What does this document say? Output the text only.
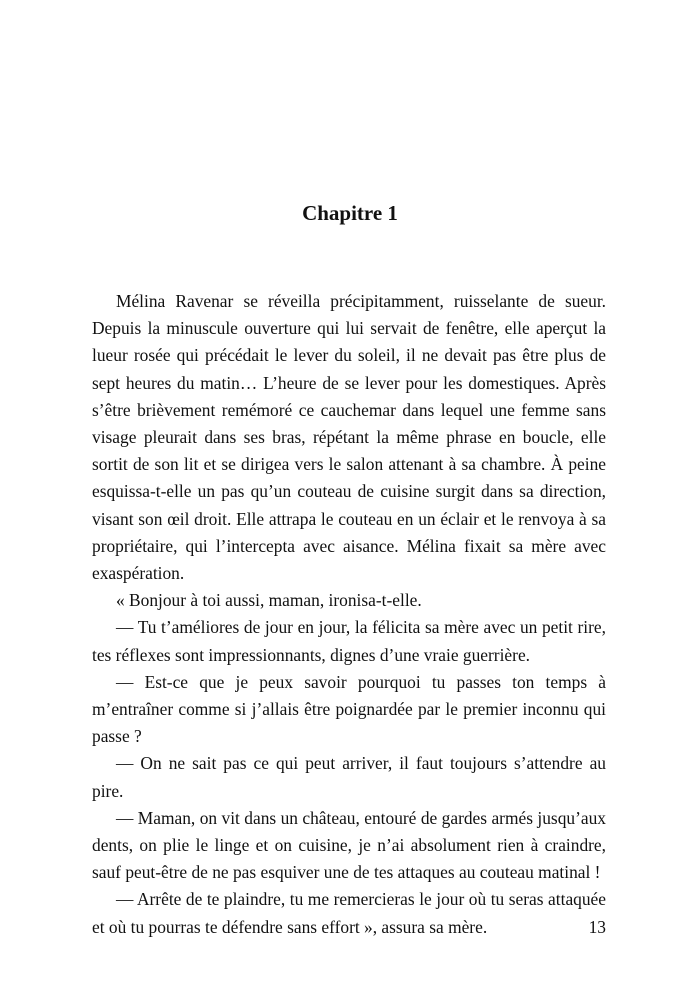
Chapitre 1

Mélina Ravenar se réveilla précipitamment, ruisselante de sueur. Depuis la minuscule ouverture qui lui servait de fenêtre, elle aperçut la lueur rosée qui précédait le lever du soleil, il ne devait pas être plus de sept heures du matin… L’heure de se lever pour les domestiques. Après s’être brièvement remémoré ce cauchemar dans lequel une femme sans visage pleurait dans ses bras, répétant la même phrase en boucle, elle sortit de son lit et se dirigea vers le salon attenant à sa chambre. À peine esquissa-t-elle un pas qu’un couteau de cuisine surgit dans sa direction, visant son œil droit. Elle attrapa le couteau en un éclair et le renvoya à sa propriétaire, qui l’intercepta avec aisance. Mélina fixait sa mère avec exaspération.

« Bonjour à toi aussi, maman, ironisa-t-elle.

— Tu t’améliores de jour en jour, la félicita sa mère avec un petit rire, tes réflexes sont impressionnants, dignes d’une vraie guerrière.

— Est-ce que je peux savoir pourquoi tu passes ton temps à m’entraîner comme si j’allais être poignardée par le premier inconnu qui passe ?

— On ne sait pas ce qui peut arriver, il faut toujours s’attendre au pire.

— Maman, on vit dans un château, entouré de gardes armés jusqu’aux dents, on plie le linge et on cuisine, je n’ai absolument rien à craindre, sauf peut-être de ne pas esquiver une de tes attaques au couteau matinal !

— Arrête de te plaindre, tu me remercieras le jour où tu seras attaquée et où tu pourras te défendre sans effort », assura sa mère.	13
